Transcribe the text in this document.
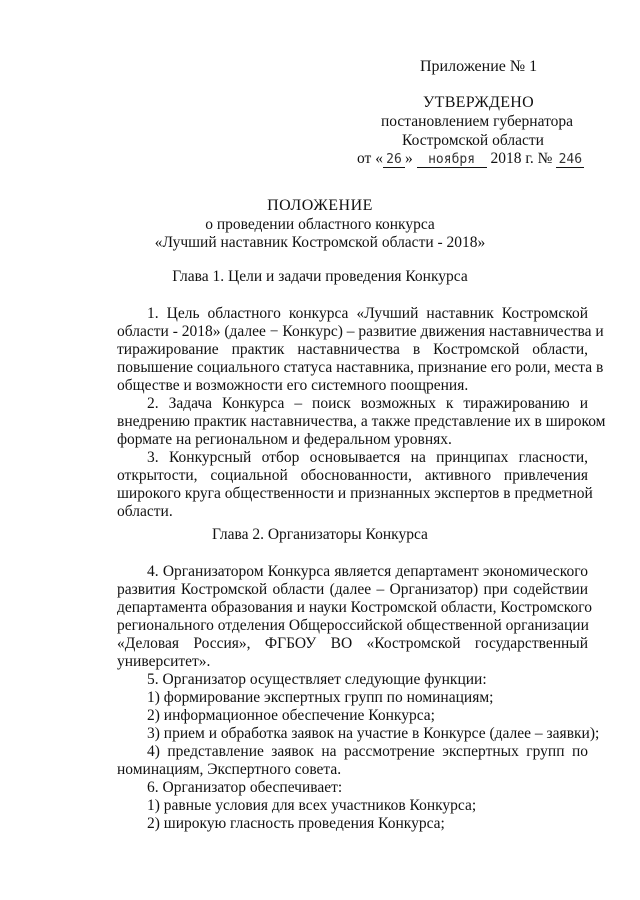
Приложение № 1
УТВЕРЖДЕНО
постановлением губернатора
Костромской области
от « 26 » ноября 2018 г. № 246
ПОЛОЖЕНИЕ
о проведении областного конкурса
«Лучший наставник Костромской области - 2018»
Глава 1. Цели и задачи проведения Конкурса
1. Цель областного конкурса «Лучший наставник Костромской
области - 2018» (далее − Конкурс) – развитие движения наставничества и
тиражирование практик наставничества в Костромской области,
повышение социального статуса наставника, признание его роли, места в
обществе и возможности его системного поощрения.
2. Задача Конкурса – поиск возможных к тиражированию и
внедрению практик наставничества, а также представление их в широком
формате на региональном и федеральном уровнях.
3. Конкурсный отбор основывается на принципах гласности,
открытости, социальной обоснованности, активного привлечения
широкого круга общественности и признанных экспертов в предметной
области.
Глава 2. Организаторы Конкурса
4. Организатором Конкурса является департамент экономического
развития Костромской области (далее – Организатор) при содействии
департамента образования и науки Костромской области, Костромского
регионального отделения Общероссийской общественной организации
«Деловая Россия», ФГБОУ ВО «Костромской государственный
университет».
5. Организатор осуществляет следующие функции:
1) формирование экспертных групп по номинациям;
2) информационное обеспечение Конкурса;
3) прием и обработка заявок на участие в Конкурсе (далее – заявки);
4) представление заявок на рассмотрение экспертных групп по
номинациям, Экспертного совета.
6. Организатор обеспечивает:
1) равные условия для всех участников Конкурса;
2) широкую гласность проведения Конкурса;
